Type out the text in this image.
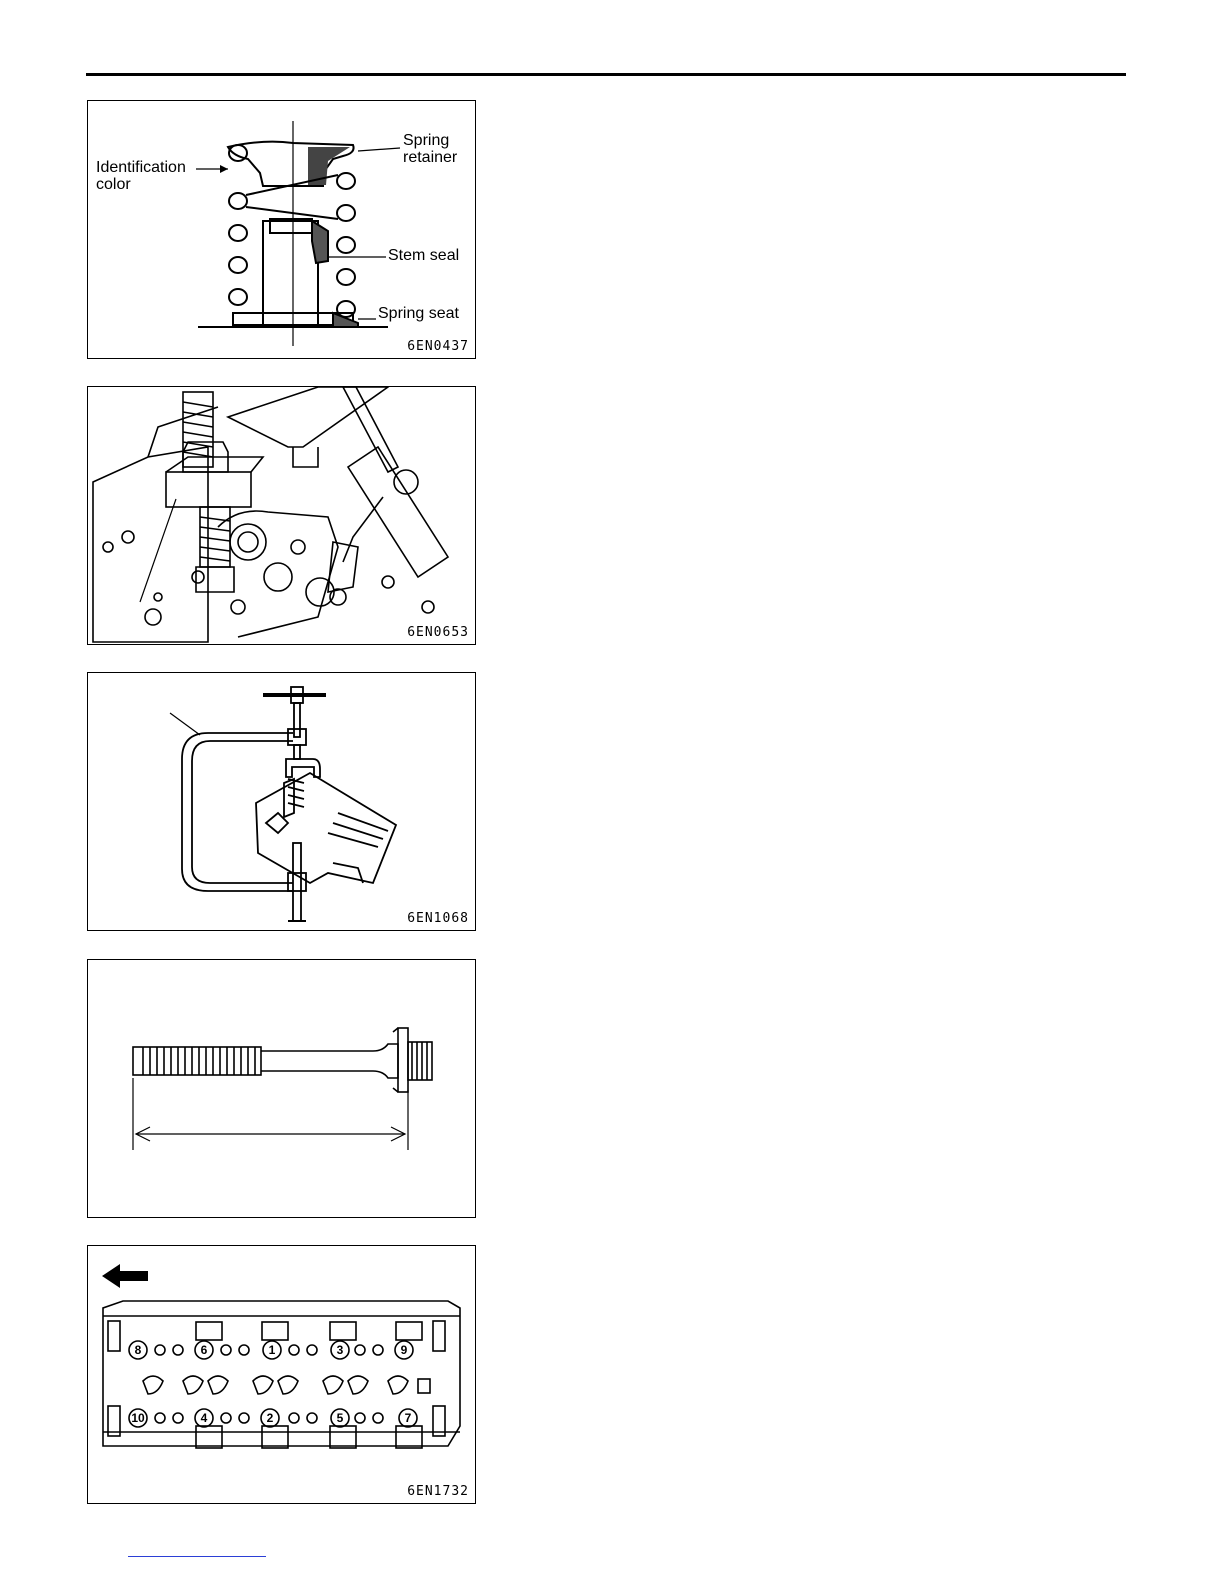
Spring
retainer
Identification
color
Stem seal
Spring seat
6EN0437
6EN0653
6EN1068
8	6	1	3	9
10	4	2	5	7
6EN1732
